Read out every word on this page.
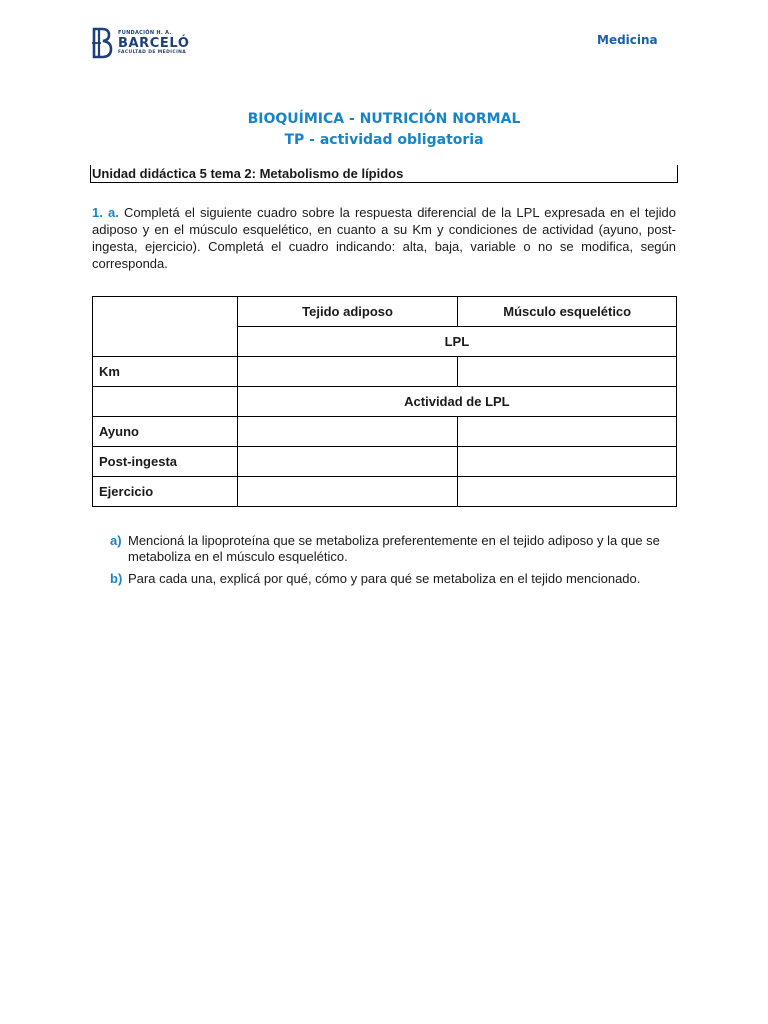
FUNDACIÓN H. A.
BARCELÓ
FACULTAD DE MEDICINA
Medicina
BIOQUÍMICA - NUTRICIÓN NORMAL
TP - actividad obligatoria
Unidad didáctica 5 tema 2: Metabolismo de lípidos
1. a. Completá el siguiente cuadro sobre la respuesta diferencial de la LPL expresada en el tejido adiposo y en el músculo esquelético, en cuanto a su Km y condiciones de actividad (ayuno, post-ingesta, ejercicio). Completá el cuadro indicando: alta, baja, variable o no se modifica, según corresponda.
	Tejido adiposo	Músculo esquelético
	LPL	
Km		
	Actividad de LPL	
Ayuno		
Post-ingesta		
Ejercicio		
a) Mencioná la lipoproteína que se metaboliza preferentemente en el tejido adiposo y la que se metaboliza en el músculo esquelético.
b) Para cada una, explicá por qué, cómo y para qué se metaboliza en el tejido mencionado.
